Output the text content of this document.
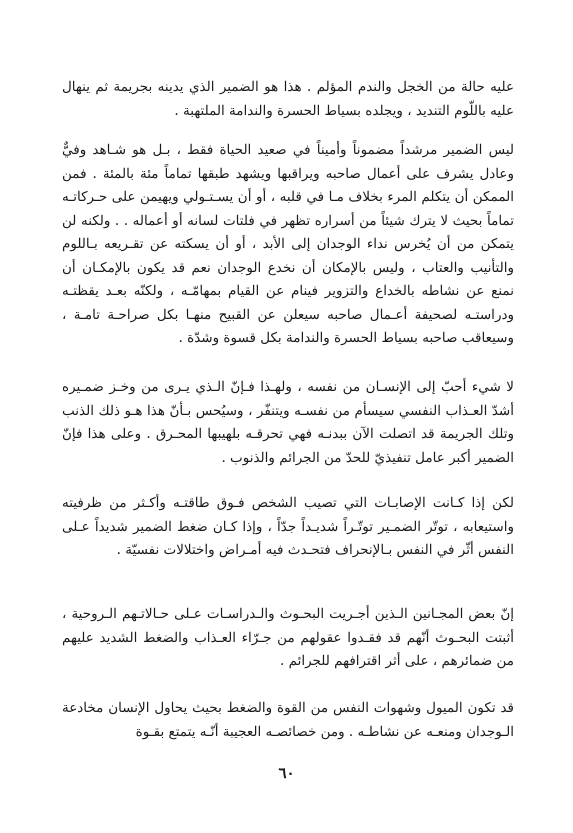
عليه حالة من الخجل والندم المؤلم . هذا هو الضمير الذي يدينه بجريمة ثم ينهال عليه باللّوم التنديد ، ويجلده بسياط الحسرة والندامة الملتهبة .

ليس الضمير مرشداً مضموناً وأميناً في صعيد الحياة فقط ، بـل هو شـاهد وفيٌّ وعادل يشرف على أعمال صاحبه ويراقبها ويشهد طبقها تماماً مئة بالمئة . فمن الممكن أن يتكلم المرء بخلاف مـا في قلبه ، أو أن يسـتـولي ويهيمن على حـركاتـه تماماً بحيث لا يترك شيئاً من أسراره تظهر في فلتات لسانه أو أعماله . . ولكنه لن يتمكن من أن يُخرس نداء الوجدان إلى الأبد ، أو أن يسكته عن تقـريعه بـاللوم والتأنيب والعتاب ، وليس بالإمكان أن نخدع الوجدان نعم قد يكون بالإمكـان أن نمنع عن نشاطه بالخداع والتزوير فينام عن القيام بمهامّـه ، ولكنّه بعـد يقظتـه ودراستـه لصحيفة أعـمال صاحبه سيعلن عن القبيح منهـا بكل صراحـة تامـة ، وسيعاقب صاحبه بسياط الحسرة والندامة بكل قسوة وشدّة .

لا شيء أحبّ إلى الإنسـان من نفسه ، ولهـذا فـإنّ الـذي يـرى من وخـز ضمـيره أشدّ العـذاب النفسي سيسأم من نفسـه ويتنفّر ، وسيُحس بـأنّ هذا هـو ذلك الذنب وتلك الجريمة قد اتصلت الآن ببدنـه فهي تحرقـه بلهيبها المحـرق . وعلى هذا فإنّ الضمير أكبر عامل تنفيذيّ للحدّ من الجرائم والذنوب .

لكن إذا كـانت الإصابـات التي تصيب الشخص فـوق طاقتـه وأكـثر من ظرفيته واستيعابه ، توتّر الضمـير توتّـراً شديـداً جدّاً ، وإذا كـان ضغط الضمير شديداً عـلى النفس أثّر في النفس بـالإنحراف فتحـدث فيه أمـراض واختلالات نفسيّة .

إنّ بعض المجـانين الـذين أجـريت البحـوث والـدراسـات عـلى حـالاتـهم الـروحية ، أثبتت البحـوث أنّهم قد فقـدوا عقولهم من جـرّاء العـذاب والضغط الشديد عليهم من ضمائرهم ، على أثر اقترافهم للجرائم .

قد تكون الميول وشهوات النفس من القوة والضغط بحيث يحاول الإنسان مخادعة الـوجدان ومنعـه عن نشاطـه . ومن خصائصـه العجيبة أنّـه يتمتع بقـوة

٦٠
